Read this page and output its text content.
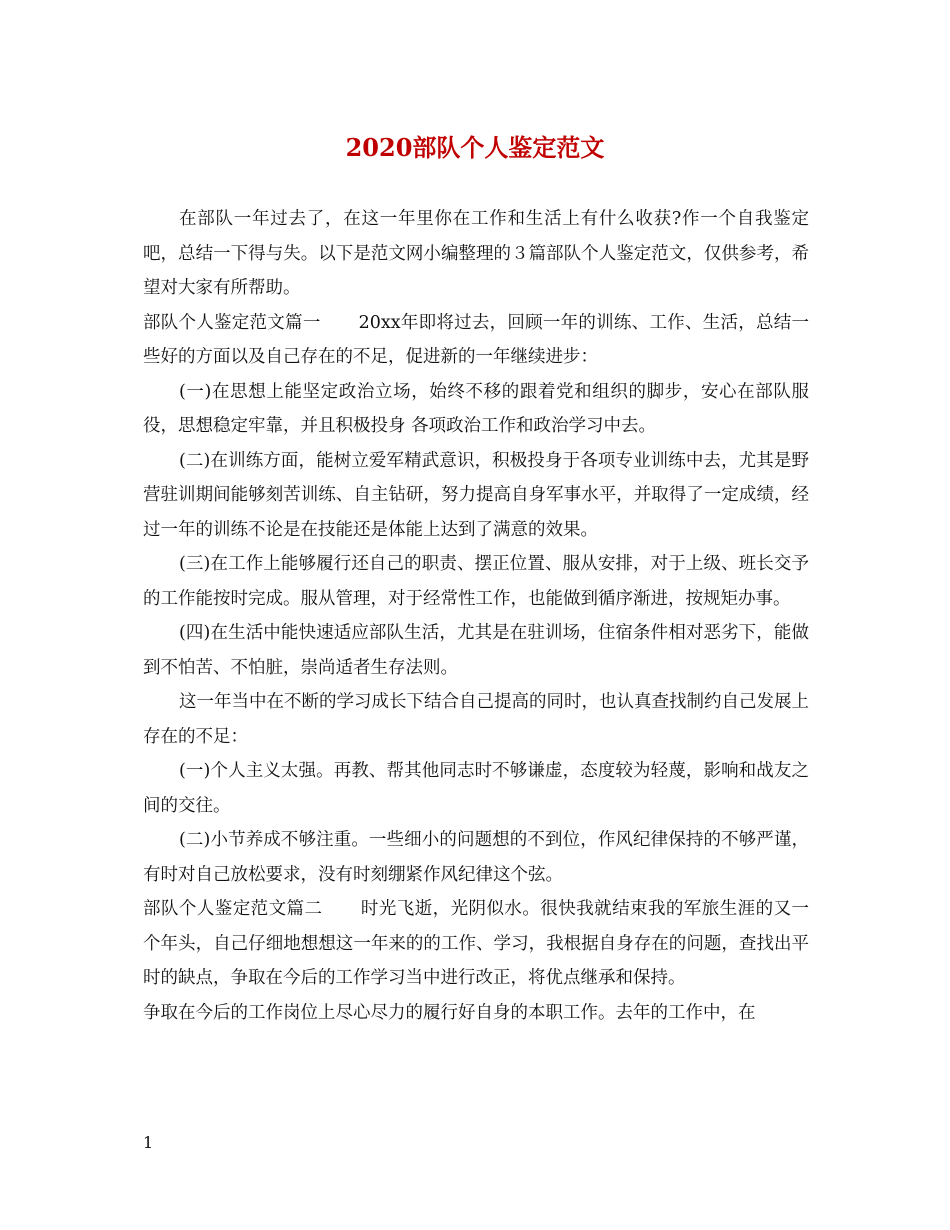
2020部队个人鉴定范文

在部队一年过去了，在这一年里你在工作和生活上有什么收获?作一个自我鉴定吧，总结一下得与失。以下是范文网小编整理的３篇部队个人鉴定范文，仅供参考，希望对大家有所帮助。

部队个人鉴定范文篇一 20xx年即将过去，回顾一年的训练、工作、生活，总结一些好的方面以及自己存在的不足，促进新的一年继续进步：

(一)在思想上能坚定政治立场，始终不移的跟着党和组织的脚步，安心在部队服役，思想稳定牢靠，并且积极投身 各项政治工作和政治学习中去。

(二)在训练方面，能树立爱军精武意识，积极投身于各项专业训练中去，尤其是野营驻训期间能够刻苦训练、自主钻研，努力提高自身军事水平，并取得了一定成绩，经过一年的训练不论是在技能还是体能上达到了满意的效果。

(三)在工作上能够履行还自己的职责、摆正位置、服从安排，对于上级、班长交予的工作能按时完成。服从管理，对于经常性工作，也能做到循序渐进，按规矩办事。

(四)在生活中能快速适应部队生活，尤其是在驻训场，住宿条件相对恶劣下，能做到不怕苦、不怕脏，崇尚适者生存法则。

这一年当中在不断的学习成长下结合自己提高的同时，也认真查找制约自己发展上存在的不足：

(一)个人主义太强。再教、帮其他同志时不够谦虚，态度较为轻蔑，影响和战友之间的交往。

(二)小节养成不够注重。一些细小的问题想的不到位，作风纪律保持的不够严谨，有时对自己放松要求，没有时刻绷紧作风纪律这个弦。

部队个人鉴定范文篇二 时光飞逝，光阴似水。很快我就结束我的军旅生涯的又一个年头，自己仔细地想想这一年来的的工作、学习，我根据自身存在的问题，查找出平时的缺点，争取在今后的工作学习当中进行改正，将优点继承和保持。

争取在今后的工作岗位上尽心尽力的履行好自身的本职工作。去年的工作中，在

1
